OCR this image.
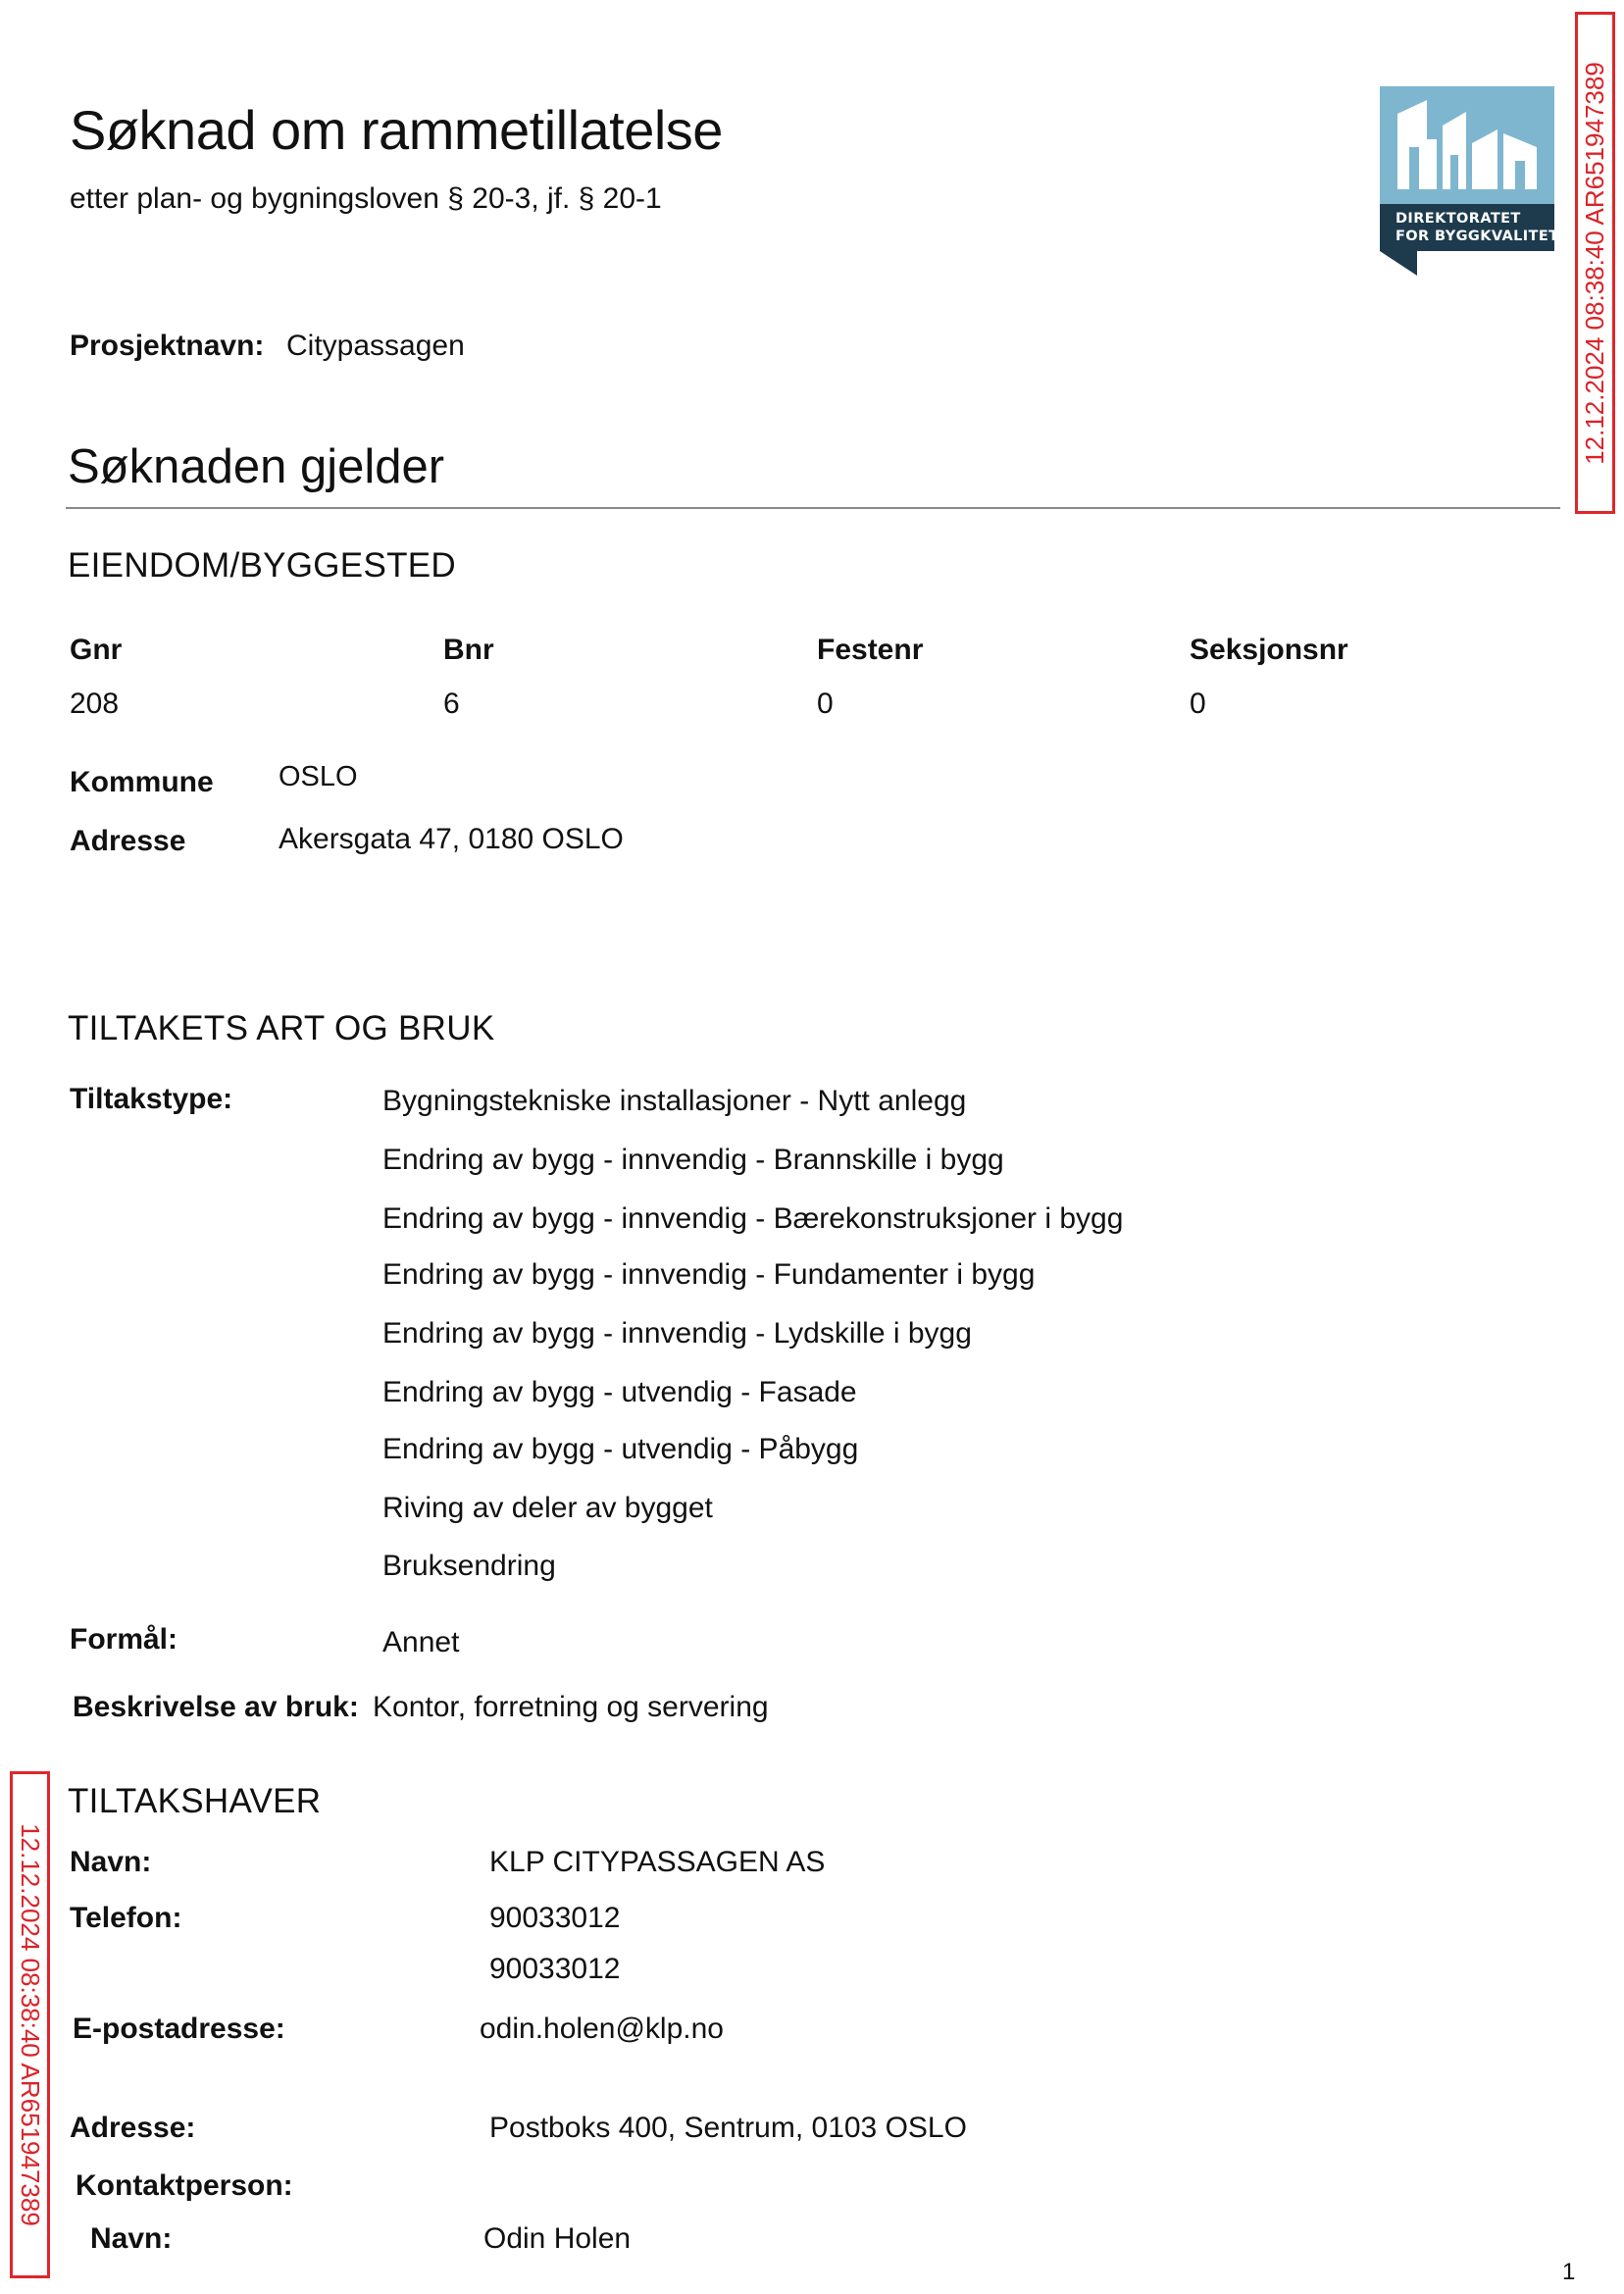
Søknad om rammetillatelse
etter plan- og bygningsloven § 20-3, jf. § 20-1
DIREKTORATET
FOR BYGGKVALITET 12.12.2024 08:38:40 AR651947389
12.12.2024 08:38:40 AR651947389
Prosjektnavn: Citypassagen
Søknaden gjelder
EIENDOM/BYGGESTED
Gnr	Bnr	Festenr	Seksjonsnr
208	6	0	0
Kommune OSLO
Adresse	Akersgata 47, 0180 OSLO
TILTAKETS ART OG BRUK
Tiltakstype:	Bygningstekniske installasjoner - Nytt anlegg
Endring av bygg - innvendig - Brannskille i bygg
Endring av bygg - innvendig - Bærekonstruksjoner i bygg
Endring av bygg - innvendig - Fundamenter i bygg
Endring av bygg - innvendig - Lydskille i bygg
Endring av bygg - utvendig - Fasade
Endring av bygg - utvendig - Påbygg
Riving av deler av bygget
Bruksendring
Formål:	Annet
Beskrivelse av bruk: Kontor, forretning og servering
TILTAKSHAVER
Navn:	KLP CITYPASSAGEN AS
Telefon:	90033012
90033012
E-postadresse:	odin.holen@klp.no
Adresse:	Postboks 400, Sentrum, 0103 OSLO
Kontaktperson:
Navn:	Odin Holen
1
